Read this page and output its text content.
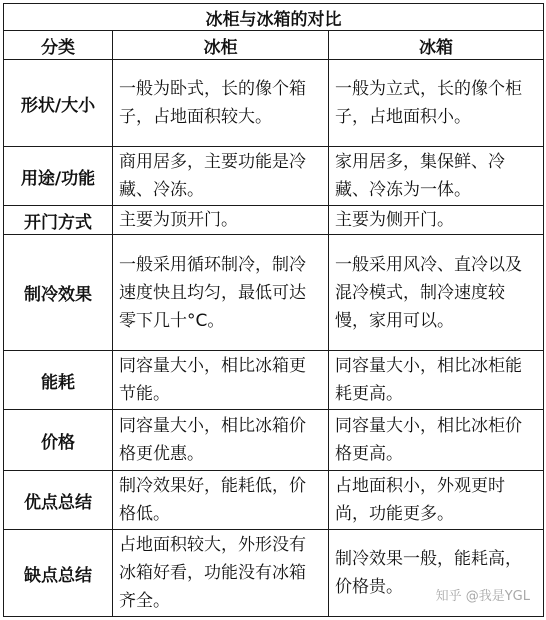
冰柜与冰箱的对比		
分类	冰柜	冰箱
形状/大小	一般为卧式，长的像个箱子，占地面积较大。	一般为立式，长的像个柜子，占地面积小。
用途/功能	商用居多，主要功能是冷藏、冷冻。	家用居多，集保鲜、冷藏、冷冻为一体。
开门方式	主要为顶开门。	主要为侧开门。
制冷效果	一般采用循环制冷，制冷速度快且均匀，最低可达零下几十°C。	一般采用风冷、直冷以及混冷模式，制冷速度较慢，家用可以。
能耗	同容量大小，相比冰箱更节能。	同容量大小，相比冰柜能耗更高。
价格	同容量大小，相比冰箱价格更优惠。	同容量大小，相比冰柜价格更高。
优点总结	制冷效果好，能耗低，价格低。	占地面积小，外观更时尚，功能更多。
缺点总结	占地面积较大，外形没有冰箱好看，功能没有冰箱齐全。	制冷效果一般，能耗高，价格贵。	知乎 @我是YGL
